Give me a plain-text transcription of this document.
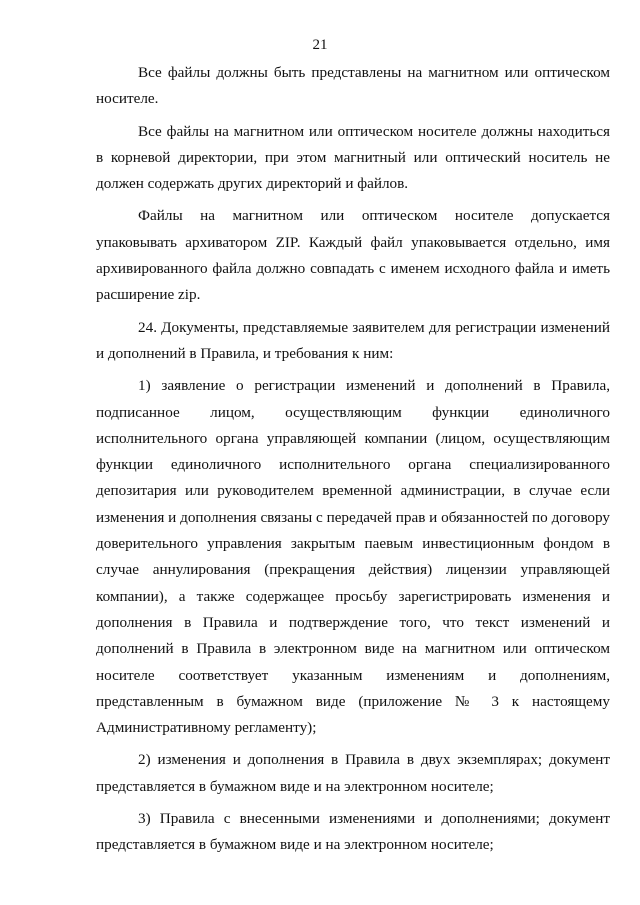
21

Все файлы должны быть представлены на магнитном или оптическом носителе.

Все файлы на магнитном или оптическом носителе должны находиться в корневой директории, при этом магнитный или оптический носитель не должен содержать других директорий и файлов.

Файлы на магнитном или оптическом носителе допускается упаковывать архиватором ZIP. Каждый файл упаковывается отдельно, имя архивированного файла должно совпадать с именем исходного файла и иметь расширение zip.

24. Документы, представляемые заявителем для регистрации изменений и дополнений в Правила, и требования к ним:

1) заявление о регистрации изменений и дополнений в Правила, подписанное лицом, осуществляющим функции единоличного исполнительного органа управляющей компании (лицом, осуществляющим функции единоличного исполнительного органа специализированного депозитария или руководителем временной администрации, в случае если изменения и дополнения связаны с передачей прав и обязанностей по договору доверительного управления закрытым паевым инвестиционным фондом в случае аннулирования (прекращения действия) лицензии управляющей компании), а также содержащее просьбу зарегистрировать изменения и дополнения в Правила и подтверждение того, что текст изменений и дополнений в Правила в электронном виде на магнитном или оптическом носителе соответствует указанным изменениям и дополнениям, представленным в бумажном виде (приложение № 3 к настоящему Административному регламенту);

2) изменения и дополнения в Правила в двух экземплярах; документ представляется в бумажном виде и на электронном носителе;

3) Правила с внесенными изменениями и дополнениями; документ представляется в бумажном виде и на электронном носителе;
